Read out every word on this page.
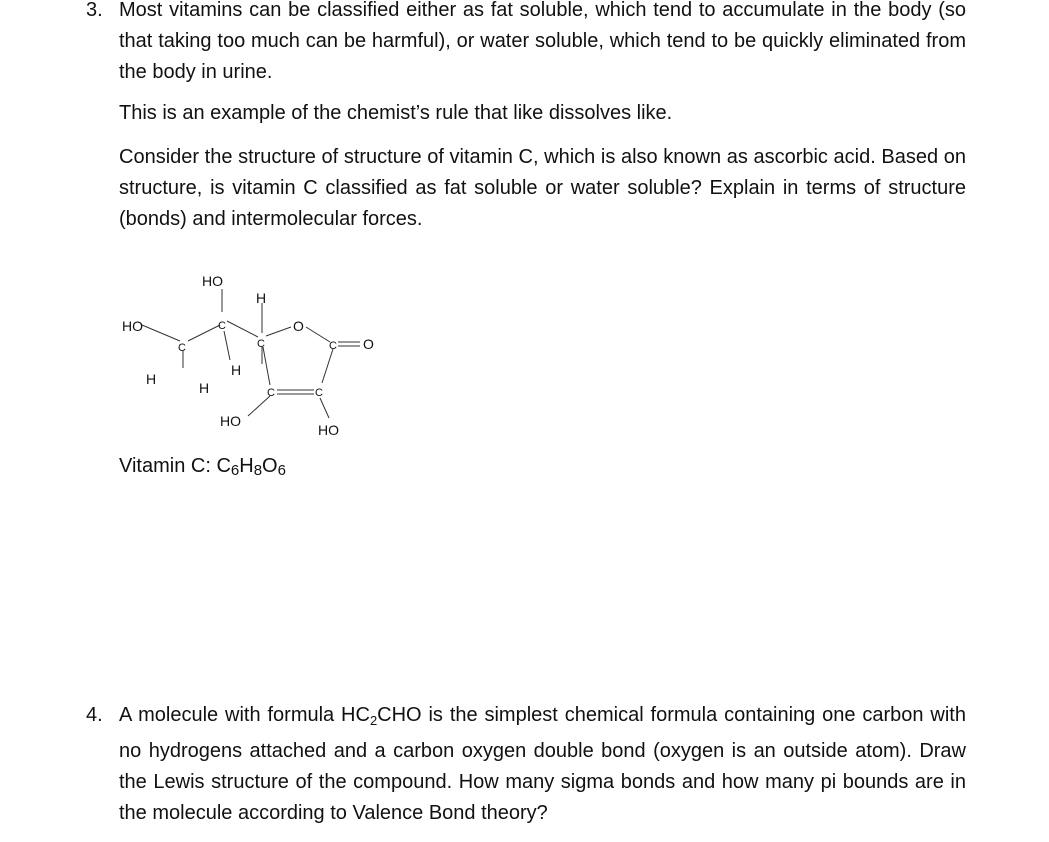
3. Most vitamins can be classified either as fat soluble, which tend to accumulate in the body (so that taking too much can be harmful), or water soluble, which tend to be quickly eliminated from the body in urine.

This is an example of the chemist’s rule that like dissolves like.

Consider the structure of structure of vitamin C, which is also known as ascorbic acid. Based on structure, is vitamin C classified as fat soluble or water soluble? Explain in terms of structure (bonds) and intermolecular forces.

HO
H
HO
C
C
C
O
C O
C	C
H
H
H
HO
HO
Vitamin C: $C_6H_8O_6$
4. A molecule with formula $HC_2CHO$ is the simplest chemical formula containing one carbon with no hydrogens attached and a carbon oxygen double bond (oxygen is an outside atom). Draw the Lewis structure of the compound. How many sigma bonds and how many pi bounds are in the molecule according to Valence Bond theory?
